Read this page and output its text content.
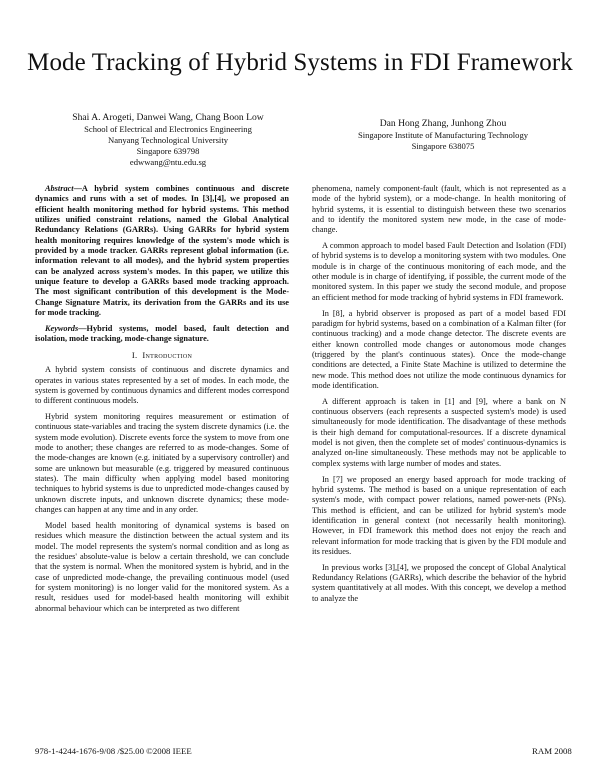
Mode Tracking of Hybrid Systems in FDI Framework
Shai A. Arogeti, Danwei Wang, Chang Boon Low
School of Electrical and Electronics Engineering
Nanyang Technological University
Singapore 639798
edwwang@ntu.edu.sg
Dan Hong Zhang, Junhong Zhou
Singapore Institute of Manufacturing Technology
Singapore 638075

Abstract—A hybrid system combines continuous and discrete dynamics and runs with a set of modes. In [3],[4], we proposed an efficient health monitoring method for hybrid systems. This method utilizes unified constraint relations, named the Global Analytical Redundancy Relations (GARRs). Using GARRs for hybrid system health monitoring requires knowledge of the system's mode which is provided by a mode tracker. GARRs represent global information (i.e. information relevant to all modes), and the hybrid system properties can be analyzed across system's modes. In this paper, we utilize this unique feature to develop a GARRs based mode tracking approach. The most significant contribution of this development is the Mode-Change Signature Matrix, its derivation from the GARRs and its use for mode tracking.

Keywords—Hybrid systems, model based, fault detection and isolation, mode tracking, mode-change signature.

I. Introduction

A hybrid system consists of continuous and discrete dynamics and operates in various states represented by a set of modes. In each mode, the system is governed by continuous dynamics and different modes correspond to different continuous models.

Hybrid system monitoring requires measurement or estimation of continuous state-variables and tracing the system discrete dynamics (i.e. the system mode evolution). Discrete events force the system to move from one mode to another; these changes are referred to as mode-changes. Some of the mode-changes are known (e.g. initiated by a supervisory controller) and some are unknown but measurable (e.g. triggered by measured continuous states). The main difficulty when applying model based monitoring techniques to hybrid systems is due to unpredicted mode-changes caused by unknown discrete inputs, and unknown discrete dynamics; these mode-changes can happen at any time and in any order.

Model based health monitoring of dynamical systems is based on residues which measure the distinction between the actual system and its model. The model represents the system's normal condition and as long as the residues' absolute-value is below a certain threshold, we can conclude that the system is normal. When the monitored system is hybrid, and in the case of unpredicted mode-change, the prevailing continuous model (used for system monitoring) is no longer valid for the monitored system. As a result, residues used for model-based health monitoring will exhibit abnormal behaviour which can be interpreted as two different

phenomena, namely component-fault (fault, which is not represented as a mode of the hybrid system), or a mode-change. In health monitoring of hybrid systems, it is essential to distinguish between these two scenarios and to identify the monitored system new mode, in the case of mode-change.

A common approach to model based Fault Detection and Isolation (FDI) of hybrid systems is to develop a monitoring system with two modules. One module is in charge of the continuous monitoring of each mode, and the other module is in charge of identifying, if possible, the current mode of the monitored system. In this paper we study the second module, and propose an efficient method for mode tracking of hybrid systems in FDI framework.

In [8], a hybrid observer is proposed as part of a model based FDI paradigm for hybrid systems, based on a combination of a Kalman filter (for continuous tracking) and a mode change detector. The discrete events are either known controlled mode changes or autonomous mode changes (triggered by the plant's continuous states). Once the mode-change conditions are detected, a Finite State Machine is utilized to determine the new mode. This method does not utilize the mode continuous dynamics for mode identification.

A different approach is taken in [1] and [9], where a bank on N continuous observers (each represents a suspected system's mode) is used simultaneously for mode identification. The disadvantage of these methods is their high demand for computational-resources. If a discrete dynamical model is not given, then the complete set of modes' continuous-dynamics is analyzed on-line simultaneously. These methods may not be applicable to complex systems with large number of modes and states.

In [7] we proposed an energy based approach for mode tracking of hybrid systems. The method is based on a unique representation of each system's mode, with compact power relations, named power-nets (PNs). This method is efficient, and can be utilized for hybrid system's mode identification in general context (not necessarily health monitoring). However, in FDI framework this method does not enjoy the reach and relevant information for mode tracking that is given by the FDI module and its residues.

In previous works [3],[4], we proposed the concept of Global Analytical Redundancy Relations (GARRs), which describe the behavior of the hybrid system quantitatively at all modes. With this concept, we develop a method to analyze the

978-1-4244-1676-9/08 /$25.00 ©2008 IEEE	RAM 2008
